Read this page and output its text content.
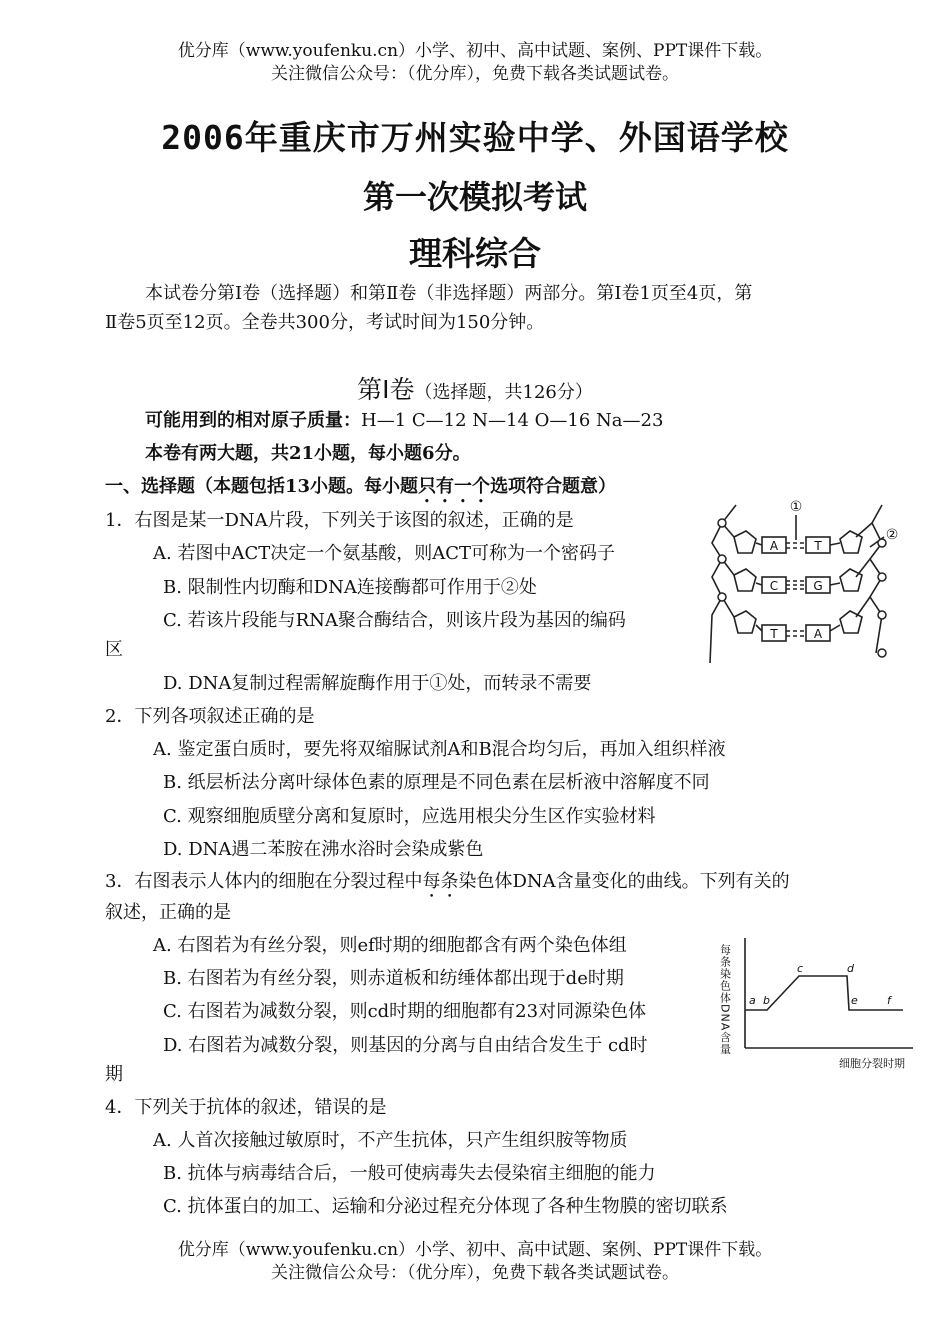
优分库（www.youfenku.cn）小学、初中、高中试题、案例、PPT课件下载。
关注微信公众号：（优分库），免费下载各类试题试卷。
2006年重庆市万州实验中学、外国语学校
第一次模拟考试
理科综合
本试卷分第Ⅰ卷（选择题）和第Ⅱ卷（非选择题）两部分。第Ⅰ卷1页至4页，第
Ⅱ卷5页至12页。全卷共300分，考试时间为150分钟。
第Ⅰ卷（选择题，共126分）
可能用到的相对原子质量：H—1 C—12 N—14 O—16 Na—23
本卷有两大题，共21小题，每小题6分。
一、选择题（本题包括13小题。每小题只有一个选项符合题意）
1．右图是某一DNA片段，下列关于该图的叙述，正确的是
A. 若图中ACT决定一个氨基酸，则ACT可称为一个密码子
B. 限制性内切酶和DNA连接酶都可作用于②处
C. 若该片段能与RNA聚合酶结合，则该片段为基因的编码
区
D. DNA复制过程需解旋酶作用于①处，而转录不需要
A	T
C	G
T	A
①
②
2．下列各项叙述正确的是
A. 鉴定蛋白质时，要先将双缩脲试剂A和B混合均匀后，再加入组织样液
B. 纸层析法分离叶绿体色素的原理是不同色素在层析液中溶解度不同
C. 观察细胞质壁分离和复原时，应选用根尖分生区作实验材料
D. DNA遇二苯胺在沸水浴时会染成紫色
3．右图表示人体内的细胞在分裂过程中每条染色体DNA含量变化的曲线。下列有关的
叙述，正确的是
A. 右图若为有丝分裂，则ef时期的细胞都含有两个染色体组
B. 右图若为有丝分裂，则赤道板和纺缍体都出现于de时期
C. 右图若为减数分裂，则cd时期的细胞都有23对同源染色体
D. 右图若为减数分裂，则基因的分离与自由结合发生于 cd时
期
每条染色体DNA含量 a b
c	d
e	f
细胞分裂时期
4．下列关于抗体的叙述，错误的是
A. 人首次接触过敏原时，不产生抗体，只产生组织胺等物质
B. 抗体与病毒结合后，一般可使病毒失去侵染宿主细胞的能力
C. 抗体蛋白的加工、运输和分泌过程充分体现了各种生物膜的密切联系
优分库（www.youfenku.cn）小学、初中、高中试题、案例、PPT课件下载。
关注微信公众号：（优分库），免费下载各类试题试卷。
